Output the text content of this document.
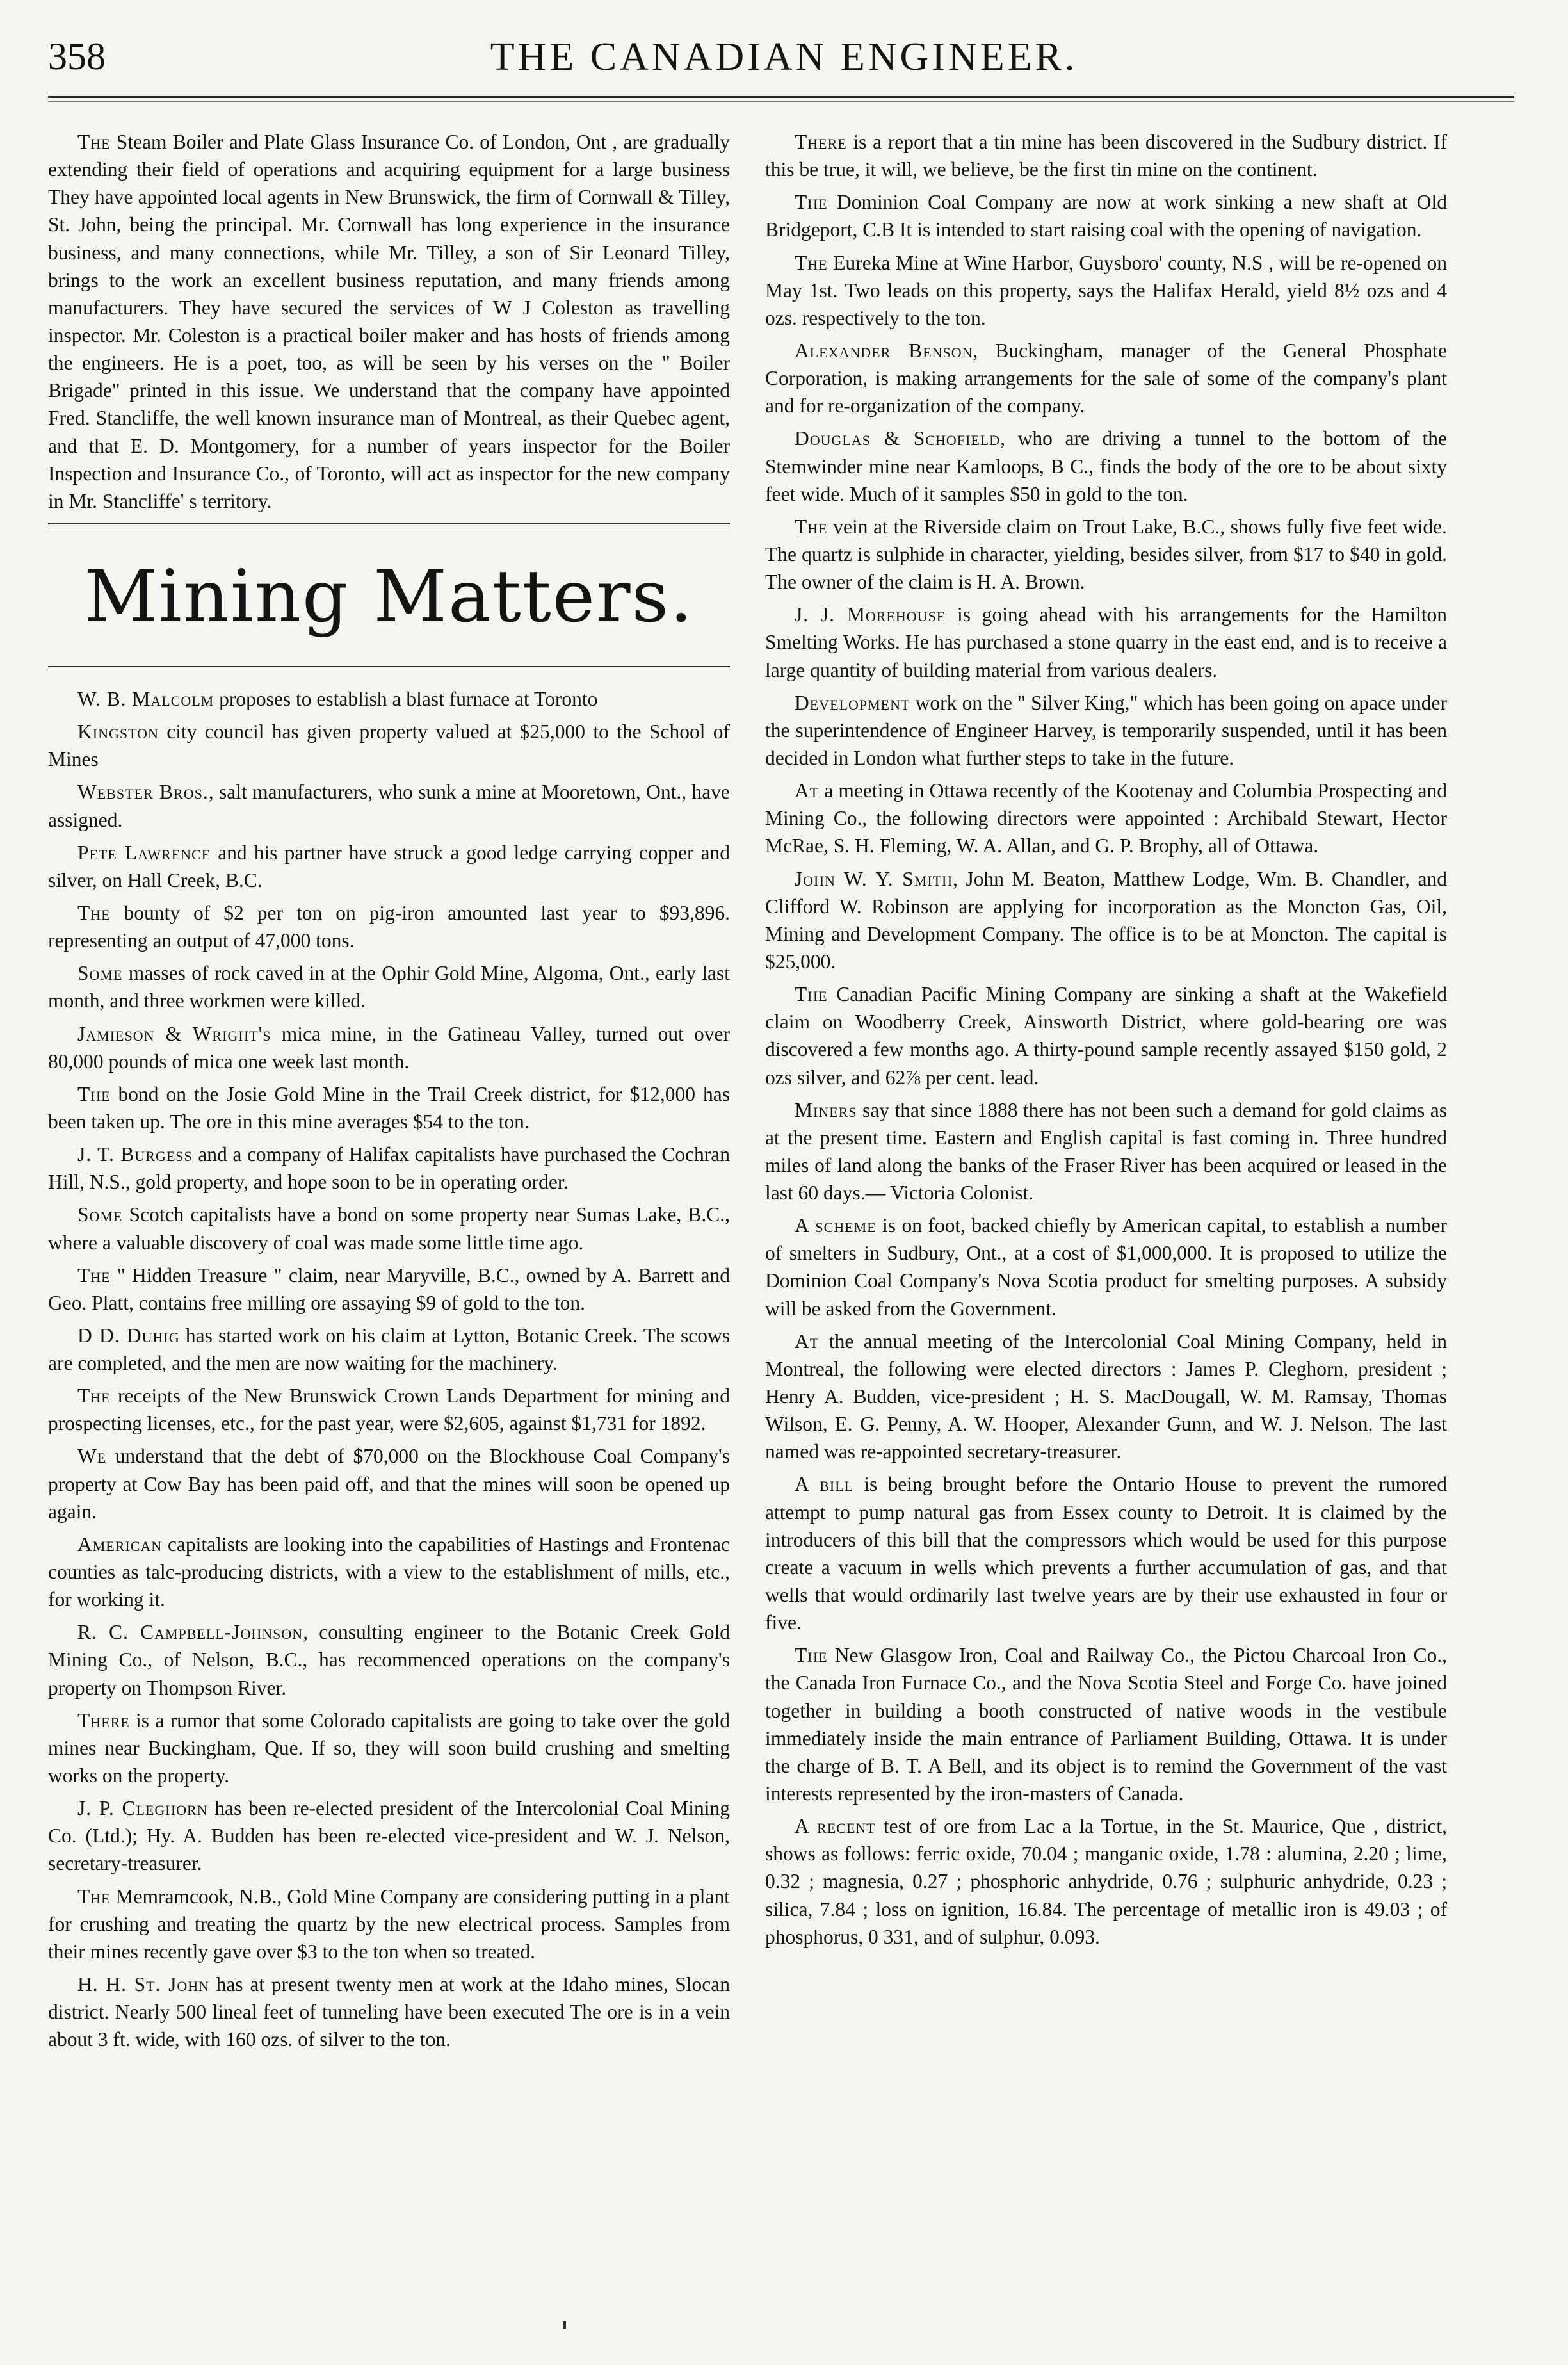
358	THE CANADIAN ENGINEER.

The Steam Boiler and Plate Glass Insurance Co. of London, Ont , are gradually extending their field of operations and acquiring equipment for a large business They have appointed local agents in New Brunswick, the firm of Cornwall & Tilley, St. John, being the principal. Mr. Cornwall has long experience in the insurance business, and many connections, while Mr. Tilley, a son of Sir Leonard Tilley, brings to the work an excellent business reputation, and many friends among manufacturers. They have secured the services of W J Coleston as travelling inspector. Mr. Coleston is a practical boiler maker and has hosts of friends among the engineers. He is a poet, too, as will be seen by his verses on the " Boiler Brigade" printed in this issue. We understand that the company have appointed Fred. Stancliffe, the well known insurance man of Montreal, as their Quebec agent, and that E. D. Montgomery, for a number of years inspector for the Boiler Inspection and Insurance Co., of Toronto, will act as inspector for the new company in Mr. Stancliffe' s territory.

Mining Matters.

W. B. Malcolm proposes to establish a blast furnace at Toronto

Kingston city council has given property valued at $25,000 to the School of Mines

Webster Bros., salt manufacturers, who sunk a mine at Mooretown, Ont., have assigned.

Pete Lawrence and his partner have struck a good ledge carrying copper and silver, on Hall Creek, B.C.

The bounty of $2 per ton on pig-iron amounted last year to $93,896. representing an output of 47,000 tons.

Some masses of rock caved in at the Ophir Gold Mine, Algoma, Ont., early last month, and three workmen were killed.

Jamieson & Wright's mica mine, in the Gatineau Valley, turned out over 80,000 pounds of mica one week last month.

The bond on the Josie Gold Mine in the Trail Creek district, for $12,000 has been taken up. The ore in this mine averages $54 to the ton.

J. T. Burgess and a company of Halifax capitalists have purchased the Cochran Hill, N.S., gold property, and hope soon to be in operating order.

Some Scotch capitalists have a bond on some property near Sumas Lake, B.C., where a valuable discovery of coal was made some little time ago.

The " Hidden Treasure " claim, near Maryville, B.C., owned by A. Barrett and Geo. Platt, contains free milling ore assaying $9 of gold to the ton.

D D. Duhig has started work on his claim at Lytton, Botanic Creek. The scows are completed, and the men are now waiting for the machinery.

The receipts of the New Brunswick Crown Lands Department for mining and prospecting licenses, etc., for the past year, were $2,605, against $1,731 for 1892.

We understand that the debt of $70,000 on the Blockhouse Coal Company's property at Cow Bay has been paid off, and that the mines will soon be opened up again.

American capitalists are looking into the capabilities of Hastings and Frontenac counties as talc-producing districts, with a view to the establishment of mills, etc., for working it.

R. C. Campbell-Johnson, consulting engineer to the Botanic Creek Gold Mining Co., of Nelson, B.C., has recommenced operations on the company's property on Thompson River.

There is a rumor that some Colorado capitalists are going to take over the gold mines near Buckingham, Que. If so, they will soon build crushing and smelting works on the property.

J. P. Cleghorn has been re-elected president of the Intercolonial Coal Mining Co. (Ltd.); Hy. A. Budden has been re-elected vice-president and W. J. Nelson, secretary-treasurer.

The Memramcook, N.B., Gold Mine Company are considering putting in a plant for crushing and treating the quartz by the new electrical process. Samples from their mines recently gave over $3 to the ton when so treated.

H. H. St. John has at present twenty men at work at the Idaho mines, Slocan district. Nearly 500 lineal feet of tunneling have been executed The ore is in a vein about 3 ft. wide, with 160 ozs. of silver to the ton.

There is a report that a tin mine has been discovered in the Sudbury district. If this be true, it will, we believe, be the first tin mine on the continent.

The Dominion Coal Company are now at work sinking a new shaft at Old Bridgeport, C.B It is intended to start raising coal with the opening of navigation.

The Eureka Mine at Wine Harbor, Guysboro' county, N.S , will be re-opened on May 1st. Two leads on this property, says the Halifax Herald, yield 8½ ozs and 4 ozs. respectively to the ton.

Alexander Benson, Buckingham, manager of the General Phosphate Corporation, is making arrangements for the sale of some of the company's plant and for re-organization of the company.

Douglas & Schofield, who are driving a tunnel to the bottom of the Stemwinder mine near Kamloops, B C., finds the body of the ore to be about sixty feet wide. Much of it samples $50 in gold to the ton.

The vein at the Riverside claim on Trout Lake, B.C., shows fully five feet wide. The quartz is sulphide in character, yielding, besides silver, from $17 to $40 in gold. The owner of the claim is H. A. Brown.

J. J. Morehouse is going ahead with his arrangements for the Hamilton Smelting Works. He has purchased a stone quarry in the east end, and is to receive a large quantity of building material from various dealers.

Development work on the " Silver King," which has been going on apace under the superintendence of Engineer Harvey, is temporarily suspended, until it has been decided in London what further steps to take in the future.

At a meeting in Ottawa recently of the Kootenay and Columbia Prospecting and Mining Co., the following directors were appointed : Archibald Stewart, Hector McRae, S. H. Fleming, W. A. Allan, and G. P. Brophy, all of Ottawa.

John W. Y. Smith, John M. Beaton, Matthew Lodge, Wm. B. Chandler, and Clifford W. Robinson are applying for incorporation as the Moncton Gas, Oil, Mining and Development Company. The office is to be at Moncton. The capital is $25,000.

The Canadian Pacific Mining Company are sinking a shaft at the Wakefield claim on Woodberry Creek, Ainsworth District, where gold-bearing ore was discovered a few months ago. A thirty-pound sample recently assayed $150 gold, 2 ozs silver, and 62⅞ per cent. lead.

Miners say that since 1888 there has not been such a demand for gold claims as at the present time. Eastern and English capital is fast coming in. Three hundred miles of land along the banks of the Fraser River has been acquired or leased in the last 60 days.— Victoria Colonist.

A scheme is on foot, backed chiefly by American capital, to establish a number of smelters in Sudbury, Ont., at a cost of $1,000,000. It is proposed to utilize the Dominion Coal Company's Nova Scotia product for smelting purposes. A subsidy will be asked from the Government.

At the annual meeting of the Intercolonial Coal Mining Company, held in Montreal, the following were elected directors : James P. Cleghorn, president ; Henry A. Budden, vice-president ; H. S. MacDougall, W. M. Ramsay, Thomas Wilson, E. G. Penny, A. W. Hooper, Alexander Gunn, and W. J. Nelson. The last named was re-appointed secretary-treasurer.

A bill is being brought before the Ontario House to prevent the rumored attempt to pump natural gas from Essex county to Detroit. It is claimed by the introducers of this bill that the compressors which would be used for this purpose create a vacuum in wells which prevents a further accumulation of gas, and that wells that would ordinarily last twelve years are by their use exhausted in four or five.

The New Glasgow Iron, Coal and Railway Co., the Pictou Charcoal Iron Co., the Canada Iron Furnace Co., and the Nova Scotia Steel and Forge Co. have joined together in building a booth constructed of native woods in the vestibule immediately inside the main entrance of Parliament Building, Ottawa. It is under the charge of B. T. A Bell, and its object is to remind the Government of the vast interests represented by the iron-masters of Canada.

A recent test of ore from Lac a la Tortue, in the St. Maurice, Que , district, shows as follows: ferric oxide, 70.04 ; manganic oxide, 1.78 : alumina, 2.20 ; lime, 0.32 ; magnesia, 0.27 ; phosphoric anhydride, 0.76 ; sulphuric anhydride, 0.23 ; silica, 7.84 ; loss on ignition, 16.84. The percentage of metallic iron is 49.03 ; of phosphorus, 0 331, and of sulphur, 0.093.
